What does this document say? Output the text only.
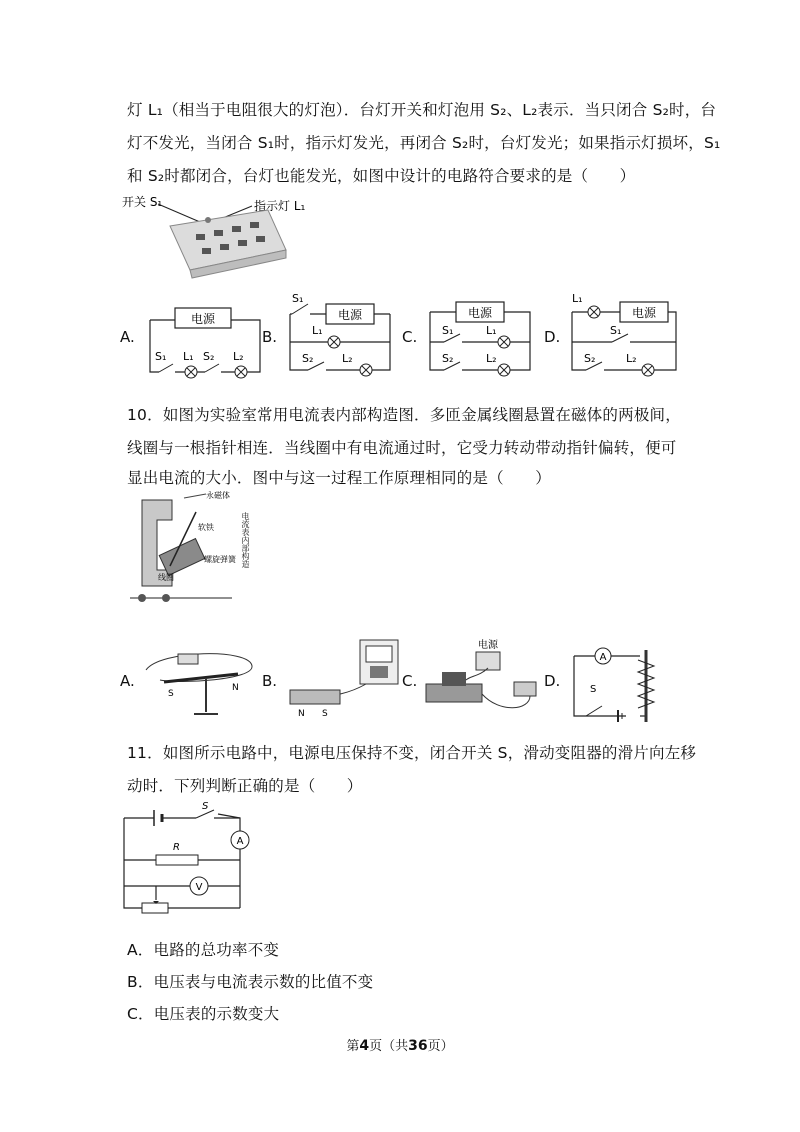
灯 L₁（相当于电阻很大的灯泡）．台灯开关和灯泡用 S₂、L₂表示．当只闭合 S₂时，台
灯不发光，当闭合 S₁时，指示灯发光，再闭合 S₂时，台灯发光；如果指示灯损坏，S₁
和 S₂时都闭合，台灯也能发光，如图中设计的电路符合要求的是（　　）
开关 S₁	指示灯 L₁
A.	B.	C.	D.
电源
S₁ L₁ S₂ L₂
电源
S₁
L₁
S₂	L₂
电源
S₁	L₁
S₂	L₂
L₁
电源
S₁
S₂	L₂
10．如图为实验室常用电流表内部构造图．多匝金属线圈悬置在磁体的两极间，
线圈与一根指针相连．当线圈中有电流通过时，它受力转动带动指针偏转，便可
显出电流的大小．图中与这一过程工作原理相同的是（　　）
永磁体
软铁
螺旋弹簧
线圈
电流表内部构造
A.	B.	C.	D.
S
N
N S
电源
A
S
11．如图所示电路中，电源电压保持不变，闭合开关 S，滑动变阻器的滑片向左移
动时．下列判断正确的是（　　）
S
A
R
V
A．电路的总功率不变
B．电压表与电流表示数的比值不变
C．电压表的示数变大
第4页（共36页）
